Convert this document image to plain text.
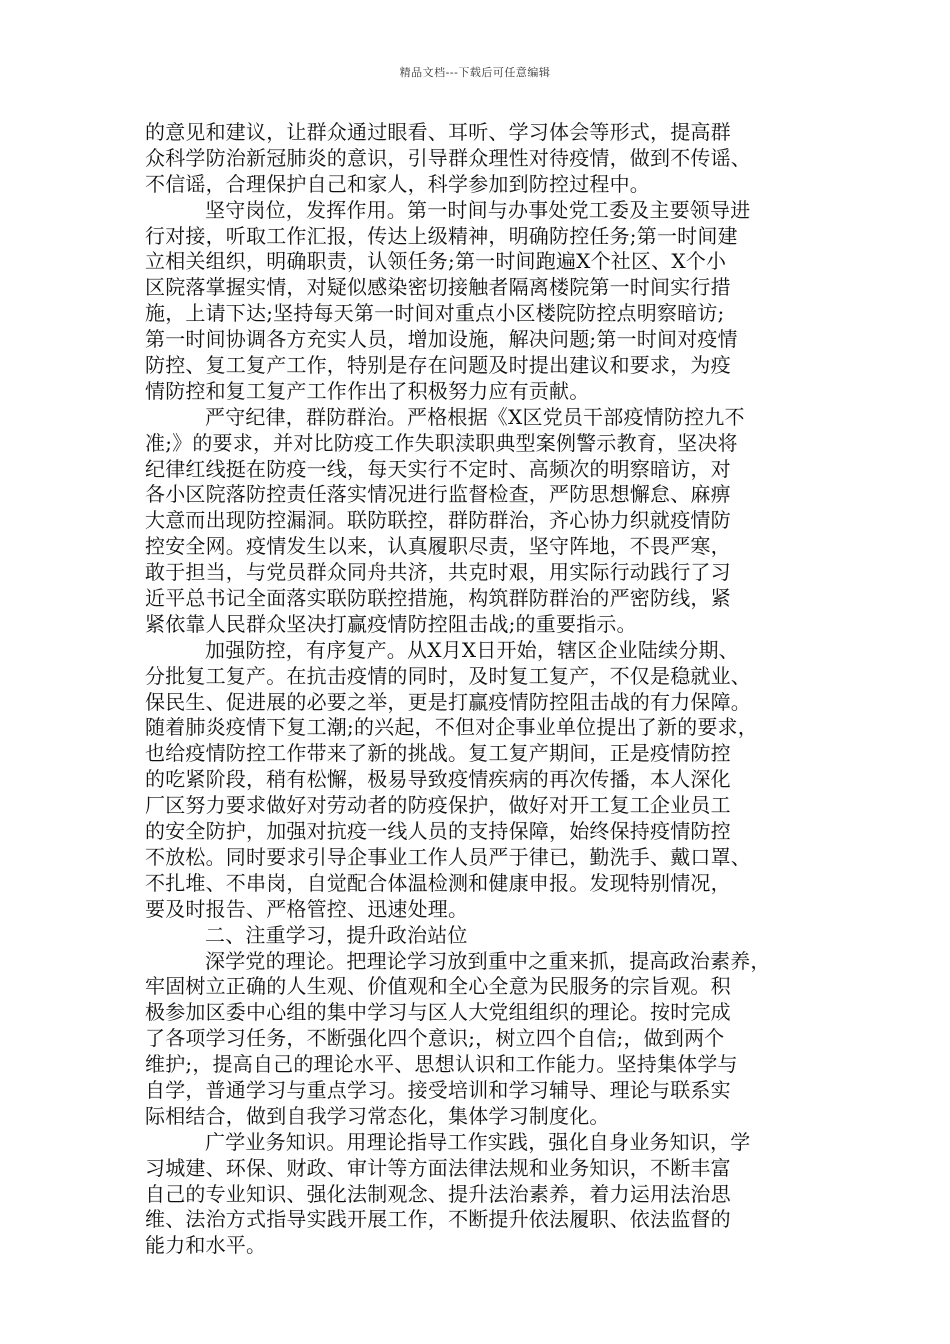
精品文档---下载后可任意编辑
的意见和建议，让群众通过眼看、耳听、学习体会等形式，提高群
众科学防治新冠肺炎的意识，引导群众理性对待疫情，做到不传谣、
不信谣，合理保护自己和家人，科学参加到防控过程中。
坚守岗位，发挥作用。第一时间与办事处党工委及主要领导进
行对接，听取工作汇报，传达上级精神，明确防控任务;第一时间建
立相关组织，明确职责，认领任务;第一时间跑遍X个社区、X个小
区院落掌握实情，对疑似感染密切接触者隔离楼院第一时间实行措
施，上请下达;坚持每天第一时间对重点小区楼院防控点明察暗访;
第一时间协调各方充实人员，增加设施，解决问题;第一时间对疫情
防控、复工复产工作，特别是存在问题及时提出建议和要求，为疫
情防控和复工复产工作作出了积极努力应有贡献。
严守纪律，群防群治。严格根据《X区党员干部疫情防控九不
准;》的要求，并对比防疫工作失职渎职典型案例警示教育，坚决将
纪律红线挺在防疫一线，每天实行不定时、高频次的明察暗访，对
各小区院落防控责任落实情况进行监督检查，严防思想懈怠、麻痹
大意而出现防控漏洞。联防联控，群防群治，齐心协力织就疫情防
控安全网。疫情发生以来，认真履职尽责，坚守阵地，不畏严寒，
敢于担当，与党员群众同舟共济，共克时艰，用实际行动践行了习
近平总书记全面落实联防联控措施，构筑群防群治的严密防线，紧
紧依靠人民群众坚决打赢疫情防控阻击战;的重要指示。
加强防控，有序复产。从X月X日开始，辖区企业陆续分期、
分批复工复产。在抗击疫情的同时，及时复工复产，不仅是稳就业、
保民生、促进展的必要之举，更是打赢疫情防控阻击战的有力保障。
随着肺炎疫情下复工潮;的兴起，不但对企事业单位提出了新的要求，
也给疫情防控工作带来了新的挑战。复工复产期间，正是疫情防控
的吃紧阶段，稍有松懈，极易导致疫情疾病的再次传播，本人深化
厂区努力要求做好对劳动者的防疫保护，做好对开工复工企业员工
的安全防护，加强对抗疫一线人员的支持保障，始终保持疫情防控
不放松。同时要求引导企事业工作人员严于律已，勤洗手、戴口罩、
不扎堆、不串岗，自觉配合体温检测和健康申报。发现特别情况，
要及时报告、严格管控、迅速处理。
二、注重学习，提升政治站位
深学党的理论。把理论学习放到重中之重来抓，提高政治素养，
牢固树立正确的人生观、价值观和全心全意为民服务的宗旨观。积
极参加区委中心组的集中学习与区人大党组组织的理论。按时完成
了各项学习任务，不断强化四个意识;，树立四个自信;，做到两个
维护;，提高自己的理论水平、思想认识和工作能力。坚持集体学与
自学，普通学习与重点学习。接受培训和学习辅导、理论与联系实
际相结合，做到自我学习常态化，集体学习制度化。
广学业务知识。用理论指导工作实践，强化自身业务知识，学
习城建、环保、财政、审计等方面法律法规和业务知识，不断丰富
自己的专业知识、强化法制观念、提升法治素养，着力运用法治思
维、法治方式指导实践开展工作，不断提升依法履职、依法监督的
能力和水平。
